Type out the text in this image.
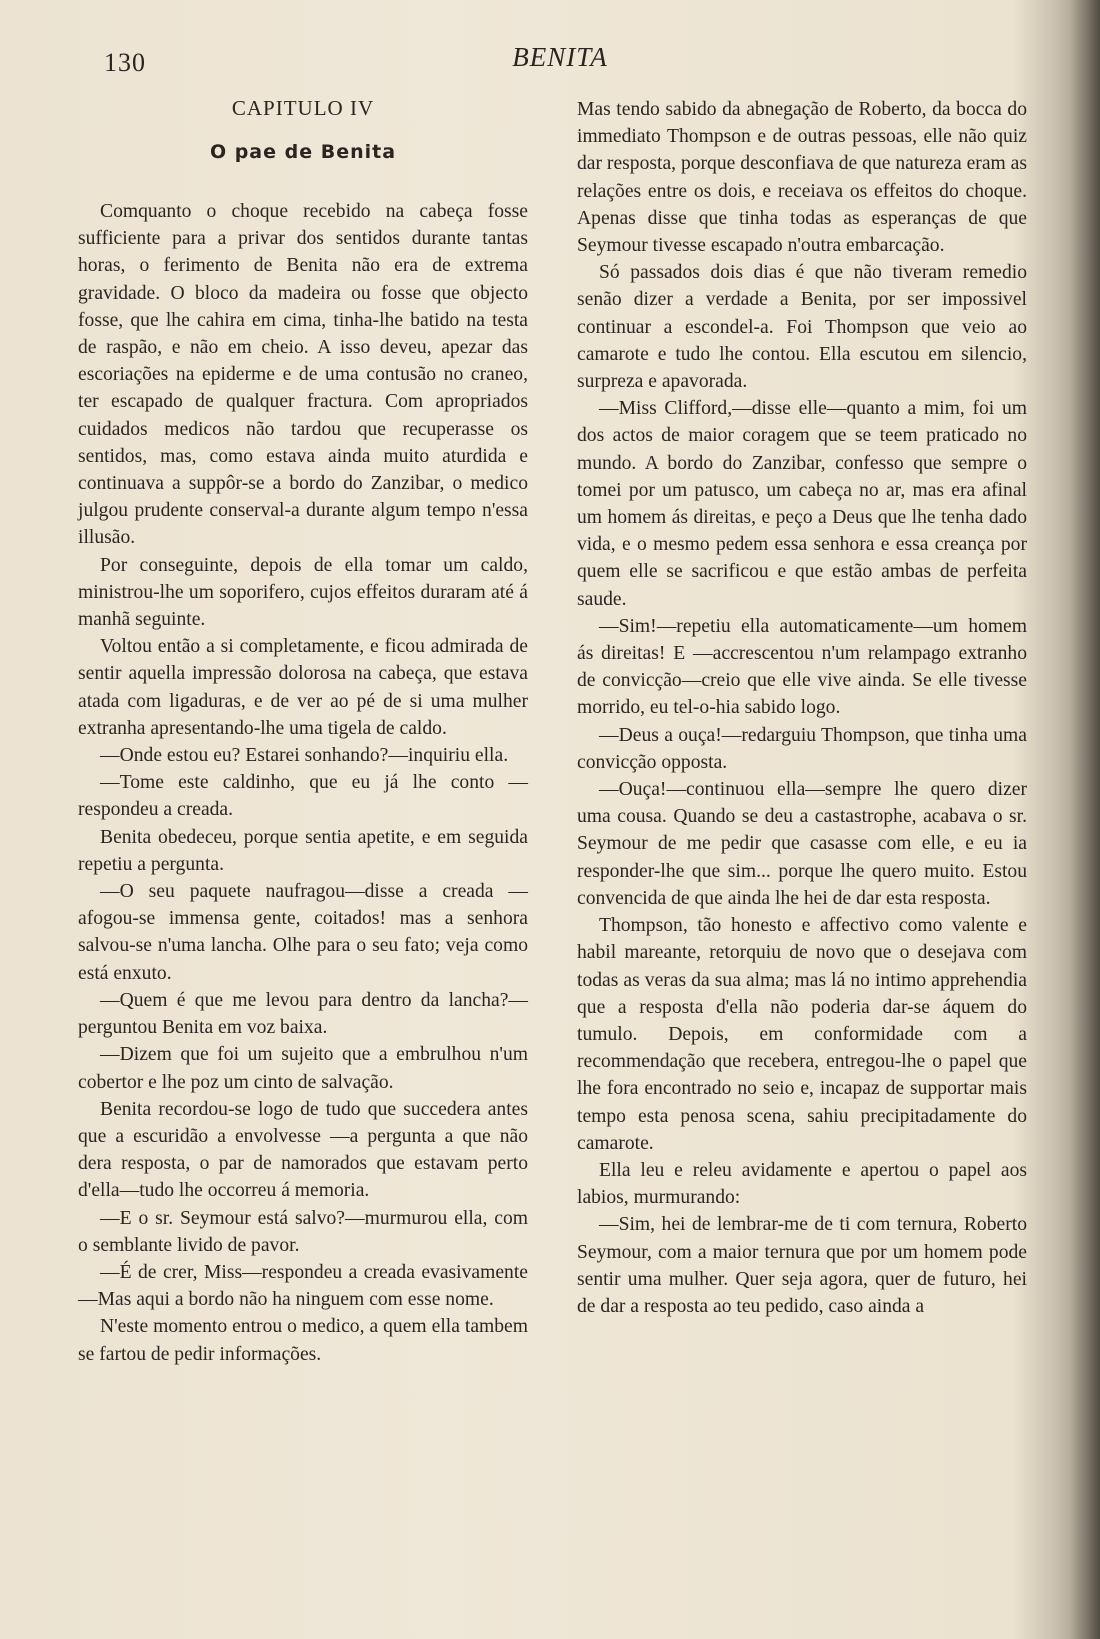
130	BENITA
CAPITULO IV
O pae de Benita

Comquanto o choque recebido na cabeça fosse sufficiente para a privar dos sentidos durante tantas horas, o ferimento de Benita não era de extrema gravidade. O bloco da madeira ou fosse que objecto fosse, que lhe cahira em cima, tinha-lhe batido na testa de raspão, e não em cheio. A isso deveu, apezar das escoriações na epiderme e de uma contusão no craneo, ter escapado de qualquer fractura. Com apropriados cuidados medicos não tardou que recuperasse os sentidos, mas, como estava ainda muito aturdida e continuava a suppôr-se a bordo do Zanzibar, o medico julgou prudente conserval-a durante algum tempo n'essa illusão.

Por conseguinte, depois de ella tomar um caldo, ministrou-lhe um soporifero, cujos effeitos duraram até á manhã seguinte.

Voltou então a si completamente, e ficou admirada de sentir aquella impressão dolorosa na cabeça, que estava atada com ligaduras, e de ver ao pé de si uma mulher extranha apresentando-lhe uma tigela de caldo.

—Onde estou eu? Estarei sonhando?—inquiriu ella.

—Tome este caldinho, que eu já lhe conto —respondeu a creada.

Benita obedeceu, porque sentia apetite, e em seguida repetiu a pergunta.

—O seu paquete naufragou—disse a creada —afogou-se immensa gente, coitados! mas a senhora salvou-se n'uma lancha. Olhe para o seu fato; veja como está enxuto.

—Quem é que me levou para dentro da lancha?—perguntou Benita em voz baixa.

—Dizem que foi um sujeito que a embrulhou n'um cobertor e lhe poz um cinto de salvação.

Benita recordou-se logo de tudo que succedera antes que a escuridão a envolvesse —a pergunta a que não dera resposta, o par de namorados que estavam perto d'ella—tudo lhe occorreu á memoria.

—E o sr. Seymour está salvo?—murmurou ella, com o semblante livido de pavor.

—É de crer, Miss—respondeu a creada evasivamente—Mas aqui a bordo não ha ninguem com esse nome.

N'este momento entrou o medico, a quem ella tambem se fartou de pedir informações.

Mas tendo sabido da abnegação de Roberto, da bocca do immediato Thompson e de outras pessoas, elle não quiz dar resposta, porque desconfiava de que natureza eram as relações entre os dois, e receiava os effeitos do choque. Apenas disse que tinha todas as esperanças de que Seymour tivesse escapado n'outra embarcação.

Só passados dois dias é que não tiveram remedio senão dizer a verdade a Benita, por ser impossivel continuar a escondel-a. Foi Thompson que veio ao camarote e tudo lhe contou. Ella escutou em silencio, surpreza e apavorada.

—Miss Clifford,—disse elle—quanto a mim, foi um dos actos de maior coragem que se teem praticado no mundo. A bordo do Zanzibar, confesso que sempre o tomei por um patusco, um cabeça no ar, mas era afinal um homem ás direitas, e peço a Deus que lhe tenha dado vida, e o mesmo pedem essa senhora e essa creança por quem elle se sacrificou e que estão ambas de perfeita saude.

—Sim!—repetiu ella automaticamente—um homem ás direitas! E —accrescentou n'um relampago extranho de convicção—creio que elle vive ainda. Se elle tivesse morrido, eu tel-o-hia sabido logo.

—Deus a ouça!—redarguiu Thompson, que tinha uma convicção opposta.

—Ouça!—continuou ella—sempre lhe quero dizer uma cousa. Quando se deu a castastrophe, acabava o sr. Seymour de me pedir que casasse com elle, e eu ia responder-lhe que sim... porque lhe quero muito. Estou convencida de que ainda lhe hei de dar esta resposta.

Thompson, tão honesto e affectivo como valente e habil mareante, retorquiu de novo que o desejava com todas as veras da sua alma; mas lá no intimo apprehendia que a resposta d'ella não poderia dar-se áquem do tumulo. Depois, em conformidade com a recommendação que recebera, entregou-lhe o papel que lhe fora encontrado no seio e, incapaz de supportar mais tempo esta penosa scena, sahiu precipitadamente do camarote.

Ella leu e releu avidamente e apertou o papel aos labios, murmurando:

—Sim, hei de lembrar-me de ti com ternura, Roberto Seymour, com a maior ternura que por um homem pode sentir uma mulher. Quer seja agora, quer de futuro, hei de dar a resposta ao teu pedido, caso ainda a
